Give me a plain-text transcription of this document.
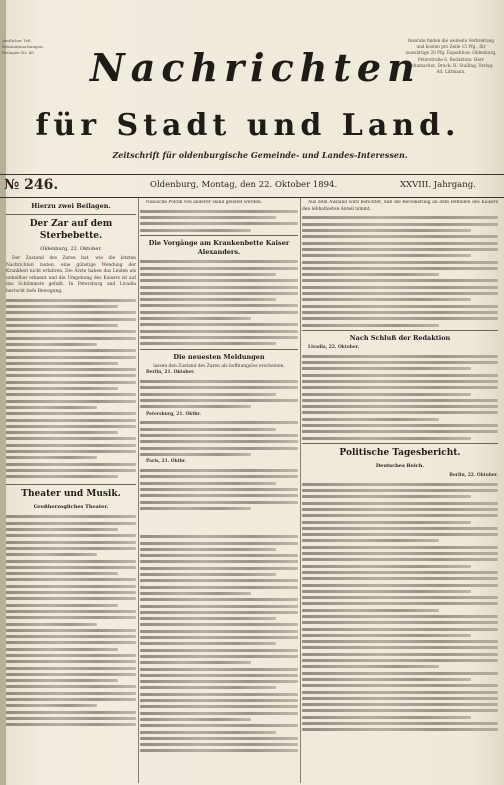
Amtlicher Teil. Bekanntmachungen. Beilagen Nr. 46.
Inserate finden die weiteste Verbreitung und kosten pro Zeile 15 Pfg., für auswärtige 20 Pfg. Expedition: Oldenburg, Peterstraße 6. Redaktion: Herr Schumacher, Druck: H. Stalling, Verlag: Ad. Littmann.
Nachrichten
für Stadt und Land.
Zeitschrift für oldenburgische Gemeinde- und Landes-Interessen.
№ 246.	Oldenburg, Montag, den 22. Oktober 1894.	XXVIII. Jahrgang.
Hierzu zwei Beilagen.
Der Zar auf dem Sterbebette.
Oldenburg, 22. Oktober.
Der Zustand des Zaren hat, wie die letzten Nachrichten lauten, eine günstige Wendung der Krankheit nicht erfahren. Die Ärzte haben das Leiden als unheilbar erkannt und die Umgebung des Kaisers ist auf das Schlimmste gefaßt. In Petersburg und Livadia herrscht tiefe Bewegung.
Theater und Musik.
Großherzogliches Theater.
russische Politik von anderer Hand geleitet werden.
Die Vorgänge am Krankenbette Kaiser Alexanders.
Die neuesten Meldungen
lassen den Zustand des Zaren als hoffnungslos erscheinen.
Berlin, 21. Oktober.
Petersburg, 21. Oktbr.
Paris, 21. Oktbr.
Aus dem Ausland wird berichtet, daß die Bevölkerung an dem Befinden des Kaisers den lebhaftesten Anteil nimmt.
Nach Schluß der Redaktion
Livadia, 22. Oktober.
Politische Tagesbericht.
Deutsches Reich.
Berlin, 22. Oktober.
